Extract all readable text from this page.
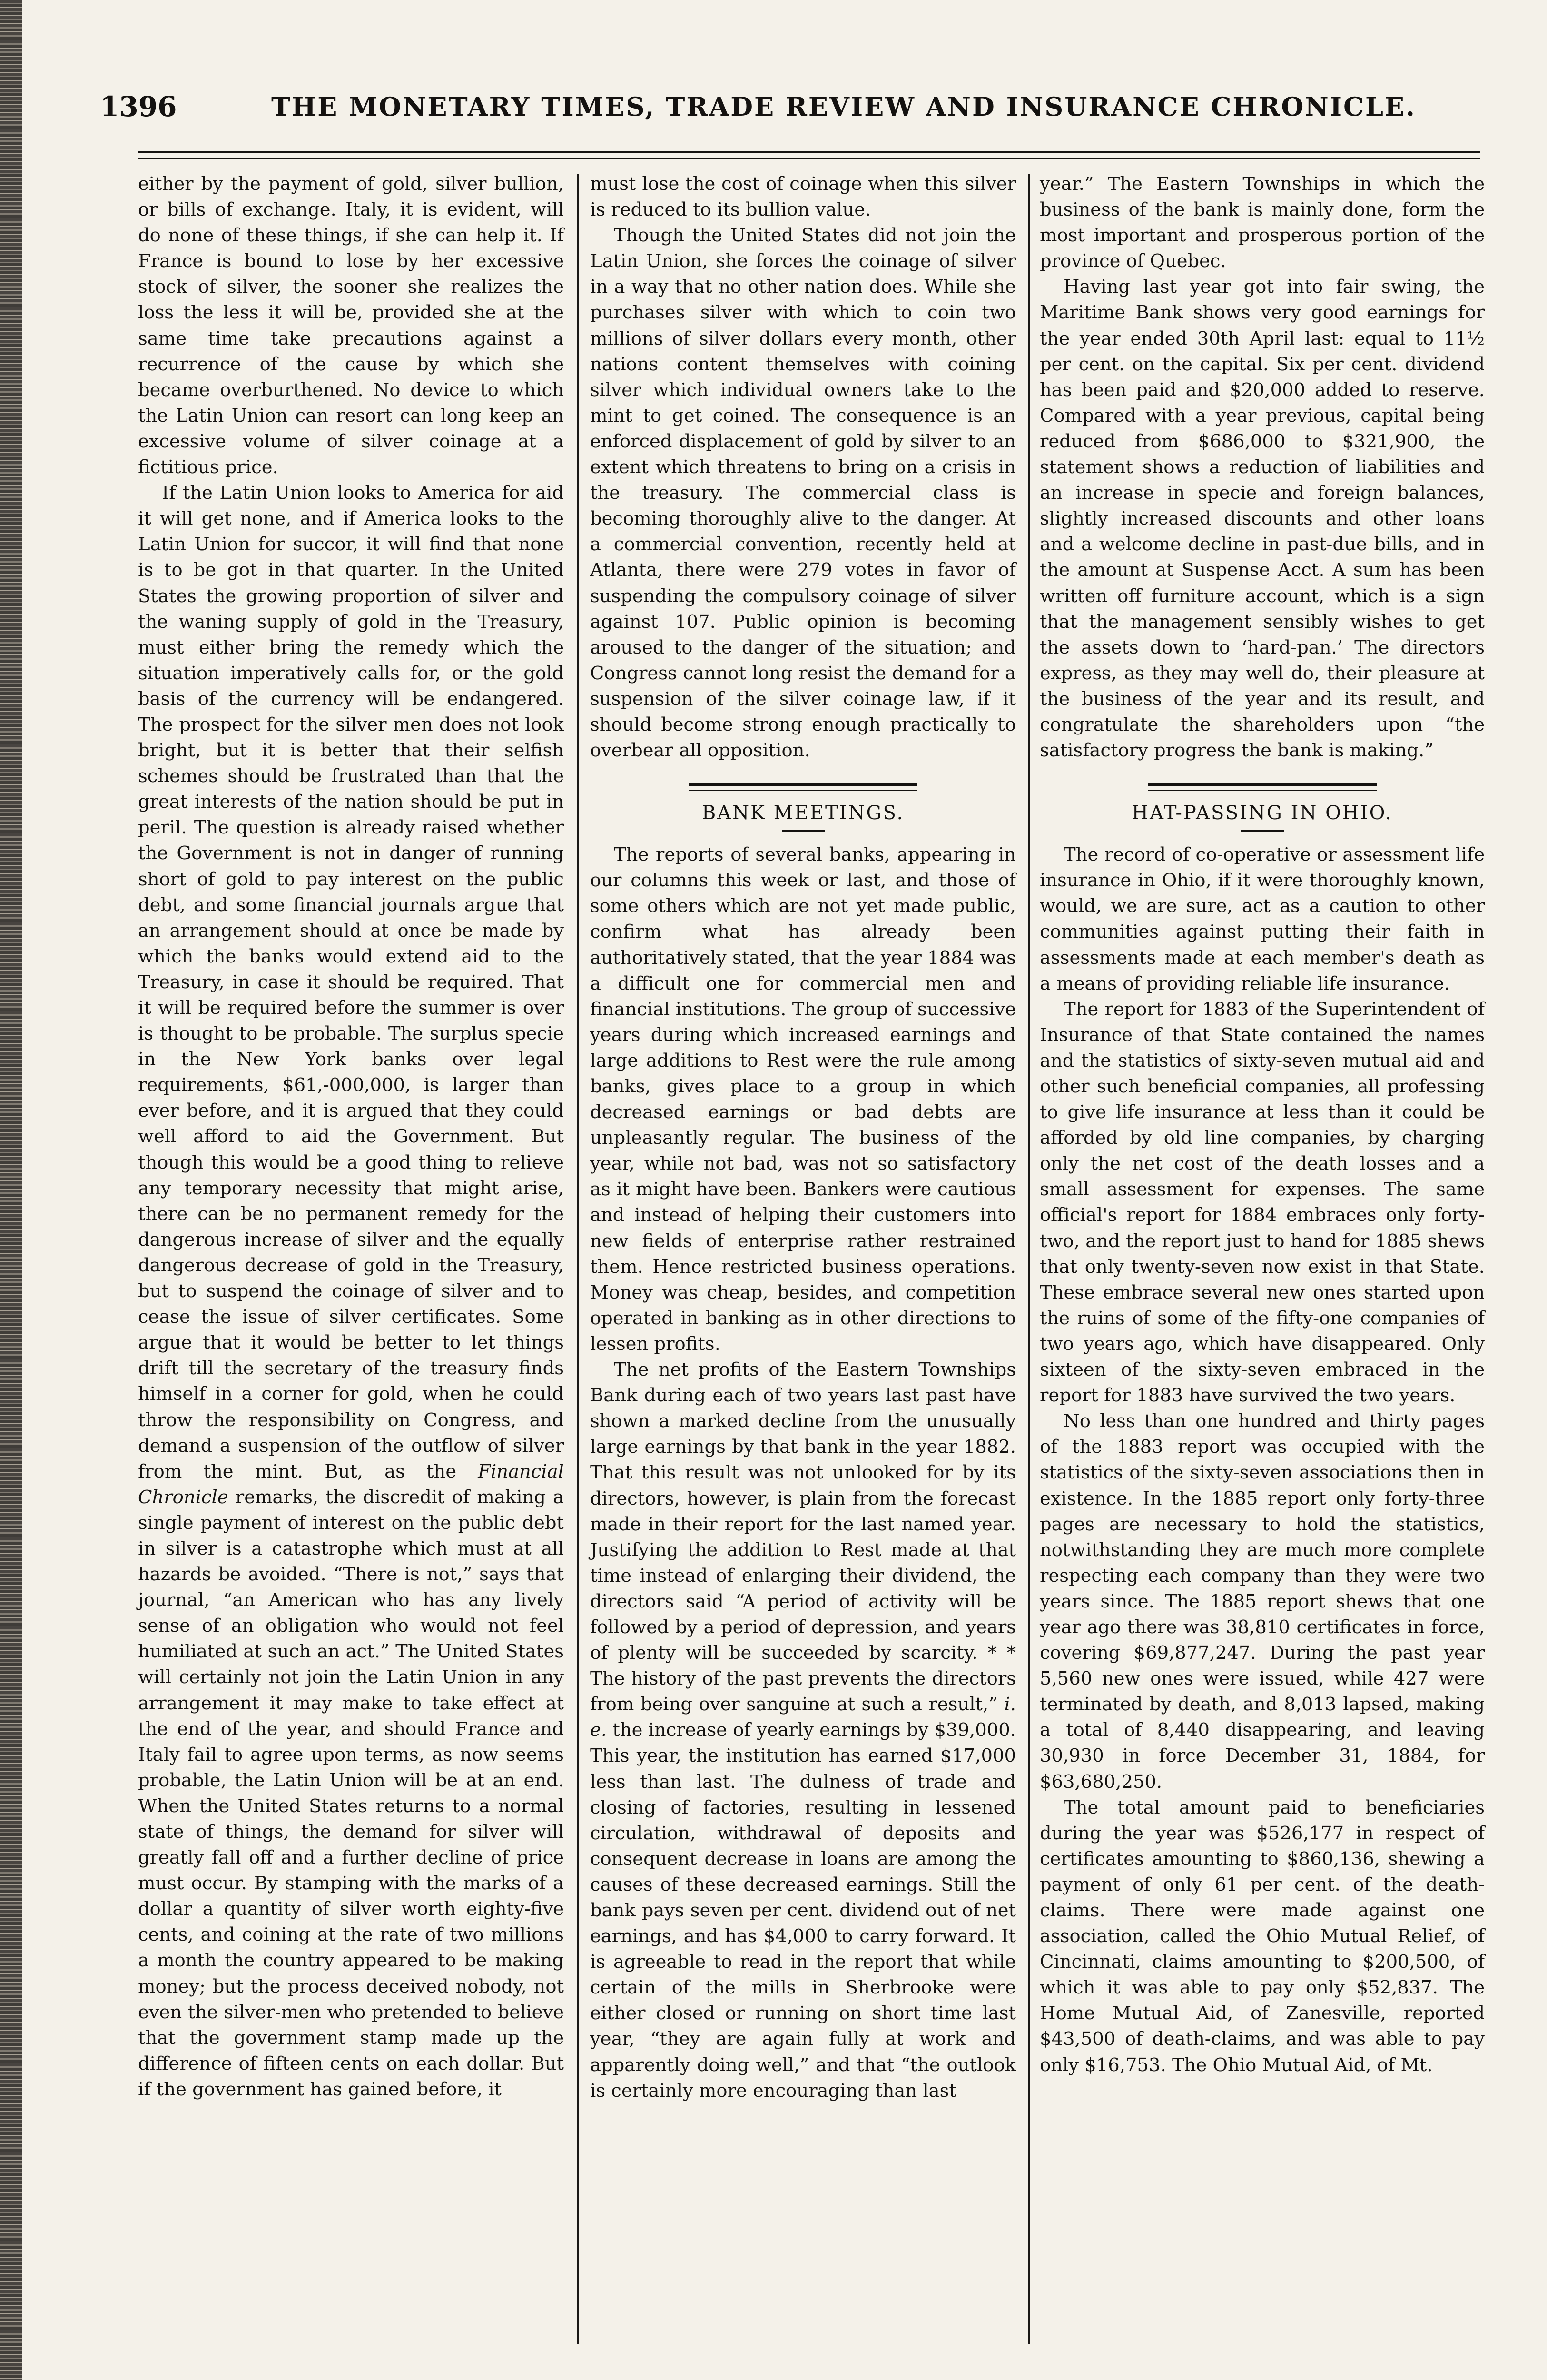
1396	THE MONETARY TIMES, TRADE REVIEW AND INSURANCE CHRONICLE.

either by the payment of gold, silver bullion, or bills of exchange. Italy, it is evident, will do none of these things, if she can help it. If France is bound to lose by her excessive stock of silver, the sooner she realizes the loss the less it will be, provided she at the same time take precautions against a recurrence of the cause by which she became overburthened. No device to which the Latin Union can resort can long keep an excessive volume of silver coinage at a fictitious price.

If the Latin Union looks to America for aid it will get none, and if America looks to the Latin Union for succor, it will find that none is to be got in that quarter. In the United States the growing proportion of silver and the waning supply of gold in the Treasury, must either bring the remedy which the situation imperatively calls for, or the gold basis of the currency will be endangered. The prospect for the silver men does not look bright, but it is better that their selfish schemes should be frustrated than that the great interests of the nation should be put in peril. The question is already raised whether the Government is not in danger of running short of gold to pay interest on the public debt, and some financial journals argue that an arrangement should at once be made by which the banks would extend aid to the Treasury, in case it should be required. That it will be required before the summer is over is thought to be probable. The surplus specie in the New York banks over legal requirements, $61,-000,000, is larger than ever before, and it is argued that they could well afford to aid the Government. But though this would be a good thing to relieve any temporary necessity that might arise, there can be no permanent remedy for the dangerous increase of silver and the equally dangerous decrease of gold in the Treasury, but to suspend the coinage of silver and to cease the issue of silver certificates. Some argue that it would be better to let things drift till the secretary of the treasury finds himself in a corner for gold, when he could throw the responsibility on Congress, and demand a suspension of the outflow of silver from the mint. But, as the Financial Chronicle remarks, the discredit of making a single payment of interest on the public debt in silver is a catastrophe which must at all hazards be avoided. “There is not,” says that journal, “an American who has any lively sense of an obligation who would not feel humiliated at such an act.” The United States will certainly not join the Latin Union in any arrangement it may make to take effect at the end of the year, and should France and Italy fail to agree upon terms, as now seems probable, the Latin Union will be at an end. When the United States returns to a normal state of things, the demand for silver will greatly fall off and a further decline of price must occur. By stamping with the marks of a dollar a quantity of silver worth eighty-five cents, and coining at the rate of two millions a month the country appeared to be making money; but the process deceived nobody, not even the silver-men who pretended to believe that the government stamp made up the difference of fifteen cents on each dollar. But if the government has gained before, it

must lose the cost of coinage when this silver is reduced to its bullion value.

Though the United States did not join the Latin Union, she forces the coinage of silver in a way that no other nation does. While she purchases silver with which to coin two millions of silver dollars every month, other nations content themselves with coining silver which individual owners take to the mint to get coined. The consequence is an enforced displacement of gold by silver to an extent which threatens to bring on a crisis in the treasury. The commercial class is becoming thoroughly alive to the danger. At a commercial convention, recently held at Atlanta, there were 279 votes in favor of suspending the compulsory coinage of silver against 107. Public opinion is becoming aroused to the danger of the situation; and Congress cannot long resist the demand for a suspension of the silver coinage law, if it should become strong enough practically to overbear all opposition.

BANK MEETINGS.

The reports of several banks, appearing in our columns this week or last, and those of some others which are not yet made public, confirm what has already been authoritatively stated, that the year 1884 was a difficult one for commercial men and financial institutions. The group of successive years during which increased earnings and large additions to Rest were the rule among banks, gives place to a group in which decreased earnings or bad debts are unpleasantly regular. The business of the year, while not bad, was not so satisfactory as it might have been. Bankers were cautious and instead of helping their customers into new fields of enterprise rather restrained them. Hence restricted business operations. Money was cheap, besides, and competition operated in banking as in other directions to lessen profits.

The net profits of the Eastern Townships Bank during each of two years last past have shown a marked decline from the unusually large earnings by that bank in the year 1882. That this result was not unlooked for by its directors, however, is plain from the forecast made in their report for the last named year. Justifying the addition to Rest made at that time instead of enlarging their dividend, the directors said “A period of activity will be followed by a period of depression, and years of plenty will be succeeded by scarcity. * * The history of the past prevents the directors from being over sanguine at such a result,” i. e. the increase of yearly earnings by $39,000. This year, the institution has earned $17,000 less than last. The dulness of trade and closing of factories, resulting in lessened circulation, withdrawal of deposits and consequent decrease in loans are among the causes of these decreased earnings. Still the bank pays seven per cent. dividend out of net earnings, and has $4,000 to carry forward. It is agreeable to read in the report that while certain of the mills in Sherbrooke were either closed or running on short time last year, “they are again fully at work and apparently doing well,” and that “the outlook is certainly more encouraging than last

year.” The Eastern Townships in which the business of the bank is mainly done, form the most important and prosperous portion of the province of Quebec.

Having last year got into fair swing, the Maritime Bank shows very good earnings for the year ended 30th April last: equal to 11½ per cent. on the capital. Six per cent. dividend has been paid and $20,000 added to reserve. Compared with a year previous, capital being reduced from $686,000 to $321,900, the statement shows a reduction of liabilities and an increase in specie and foreign balances, slightly increased discounts and other loans and a welcome decline in past-due bills, and in the amount at Suspense Acct. A sum has been written off furniture account, which is a sign that the management sensibly wishes to get the assets down to ‘hard-pan.’ The directors express, as they may well do, their pleasure at the business of the year and its result, and congratulate the shareholders upon “the satisfactory progress the bank is making.”

HAT-PASSING IN OHIO.

The record of co-operative or assessment life insurance in Ohio, if it were thoroughly known, would, we are sure, act as a caution to other communities against putting their faith in assessments made at each member's death as a means of providing reliable life insurance.

The report for 1883 of the Superintendent of Insurance of that State contained the names and the statistics of sixty-seven mutual aid and other such beneficial companies, all professing to give life insurance at less than it could be afforded by old line companies, by charging only the net cost of the death losses and a small assessment for expenses. The same official's report for 1884 embraces only forty-two, and the report just to hand for 1885 shews that only twenty-seven now exist in that State. These embrace several new ones started upon the ruins of some of the fifty-one companies of two years ago, which have disappeared. Only sixteen of the sixty-seven embraced in the report for 1883 have survived the two years.

No less than one hundred and thirty pages of the 1883 report was occupied with the statistics of the sixty-seven associations then in existence. In the 1885 report only forty-three pages are necessary to hold the statistics, notwithstanding they are much more complete respecting each company than they were two years since. The 1885 report shews that one year ago there was 38,810 certificates in force, covering $69,877,247. During the past year 5,560 new ones were issued, while 427 were terminated by death, and 8,013 lapsed, making a total of 8,440 disappearing, and leaving 30,930 in force December 31, 1884, for $63,680,250.

The total amount paid to beneficiaries during the year was $526,177 in respect of certificates amounting to $860,136, shewing a payment of only 61 per cent. of the death-claims. There were made against one association, called the Ohio Mutual Relief, of Cincinnati, claims amounting to $200,500, of which it was able to pay only $52,837. The Home Mutual Aid, of Zanesville, reported $43,500 of death-claims, and was able to pay only $16,753. The Ohio Mutual Aid, of Mt.
